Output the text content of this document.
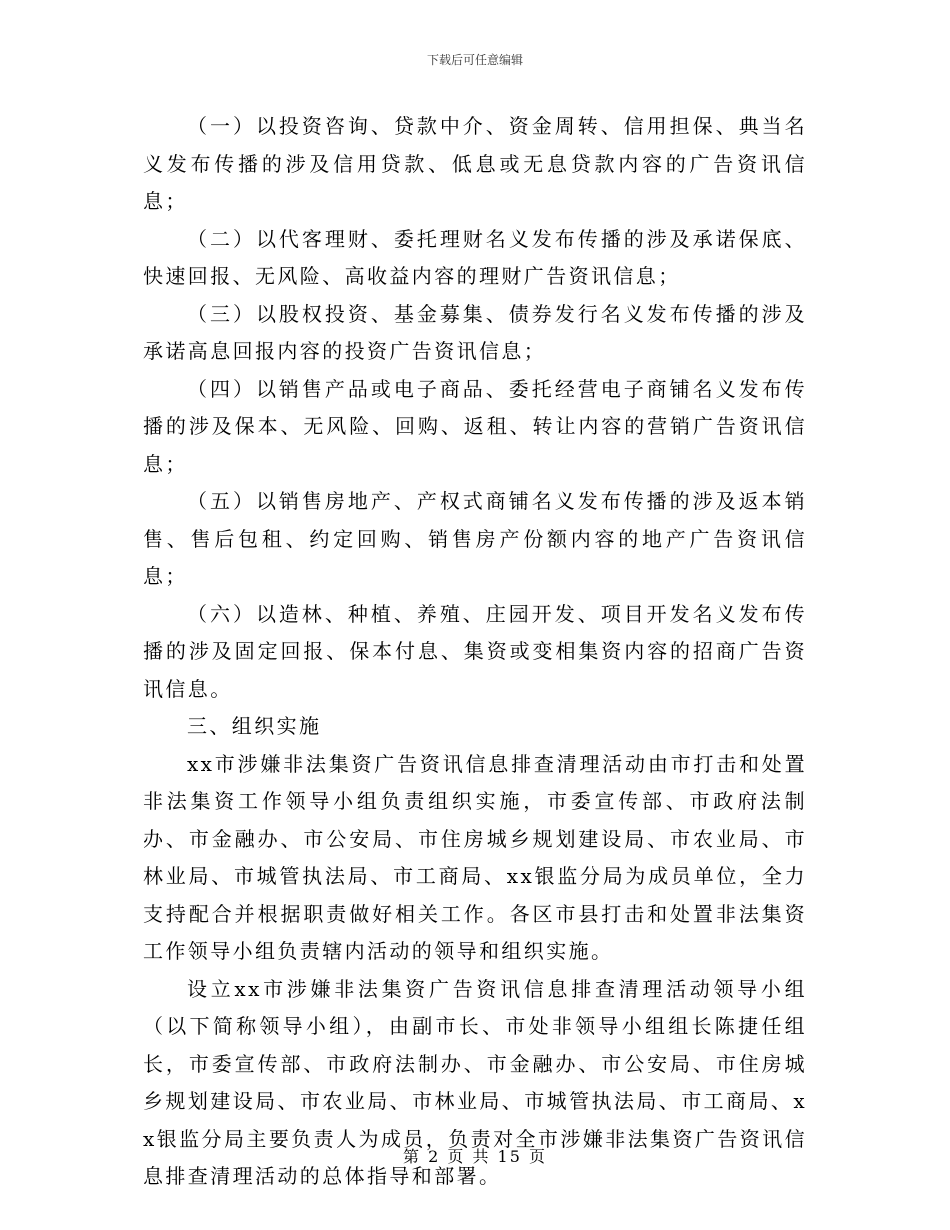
下载后可任意编辑

（一）以投资咨询、贷款中介、资金周转、信用担保、典当名义发布传播的涉及信用贷款、低息或无息贷款内容的广告资讯信息；

（二）以代客理财、委托理财名义发布传播的涉及承诺保底、快速回报、无风险、高收益内容的理财广告资讯信息；

（三）以股权投资、基金募集、债券发行名义发布传播的涉及承诺高息回报内容的投资广告资讯信息；

（四）以销售产品或电子商品、委托经营电子商铺名义发布传播的涉及保本、无风险、回购、返租、转让内容的营销广告资讯信息；

（五）以销售房地产、产权式商铺名义发布传播的涉及返本销售、售后包租、约定回购、销售房产份额内容的地产广告资讯信息；

（六）以造林、种植、养殖、庄园开发、项目开发名义发布传播的涉及固定回报、保本付息、集资或变相集资内容的招商广告资讯信息。

三、组织实施

xx市涉嫌非法集资广告资讯信息排查清理活动由市打击和处置非法集资工作领导小组负责组织实施，市委宣传部、市政府法制办、市金融办、市公安局、市住房城乡规划建设局、市农业局、市林业局、市城管执法局、市工商局、xx银监分局为成员单位，全力支持配合并根据职责做好相关工作。各区市县打击和处置非法集资工作领导小组负责辖内活动的领导和组织实施。

设立xx市涉嫌非法集资广告资讯信息排查清理活动领导小组（以下简称领导小组），由副市长、市处非领导小组组长陈捷任组长，市委宣传部、市政府法制办、市金融办、市公安局、市住房城乡规划建设局、市农业局、市林业局、市城管执法局、市工商局、xx银监分局主要负责人为成员，负责对全市涉嫌非法集资广告资讯信息排查清理活动的总体指导和部署。

第 2 页 共 15 页
